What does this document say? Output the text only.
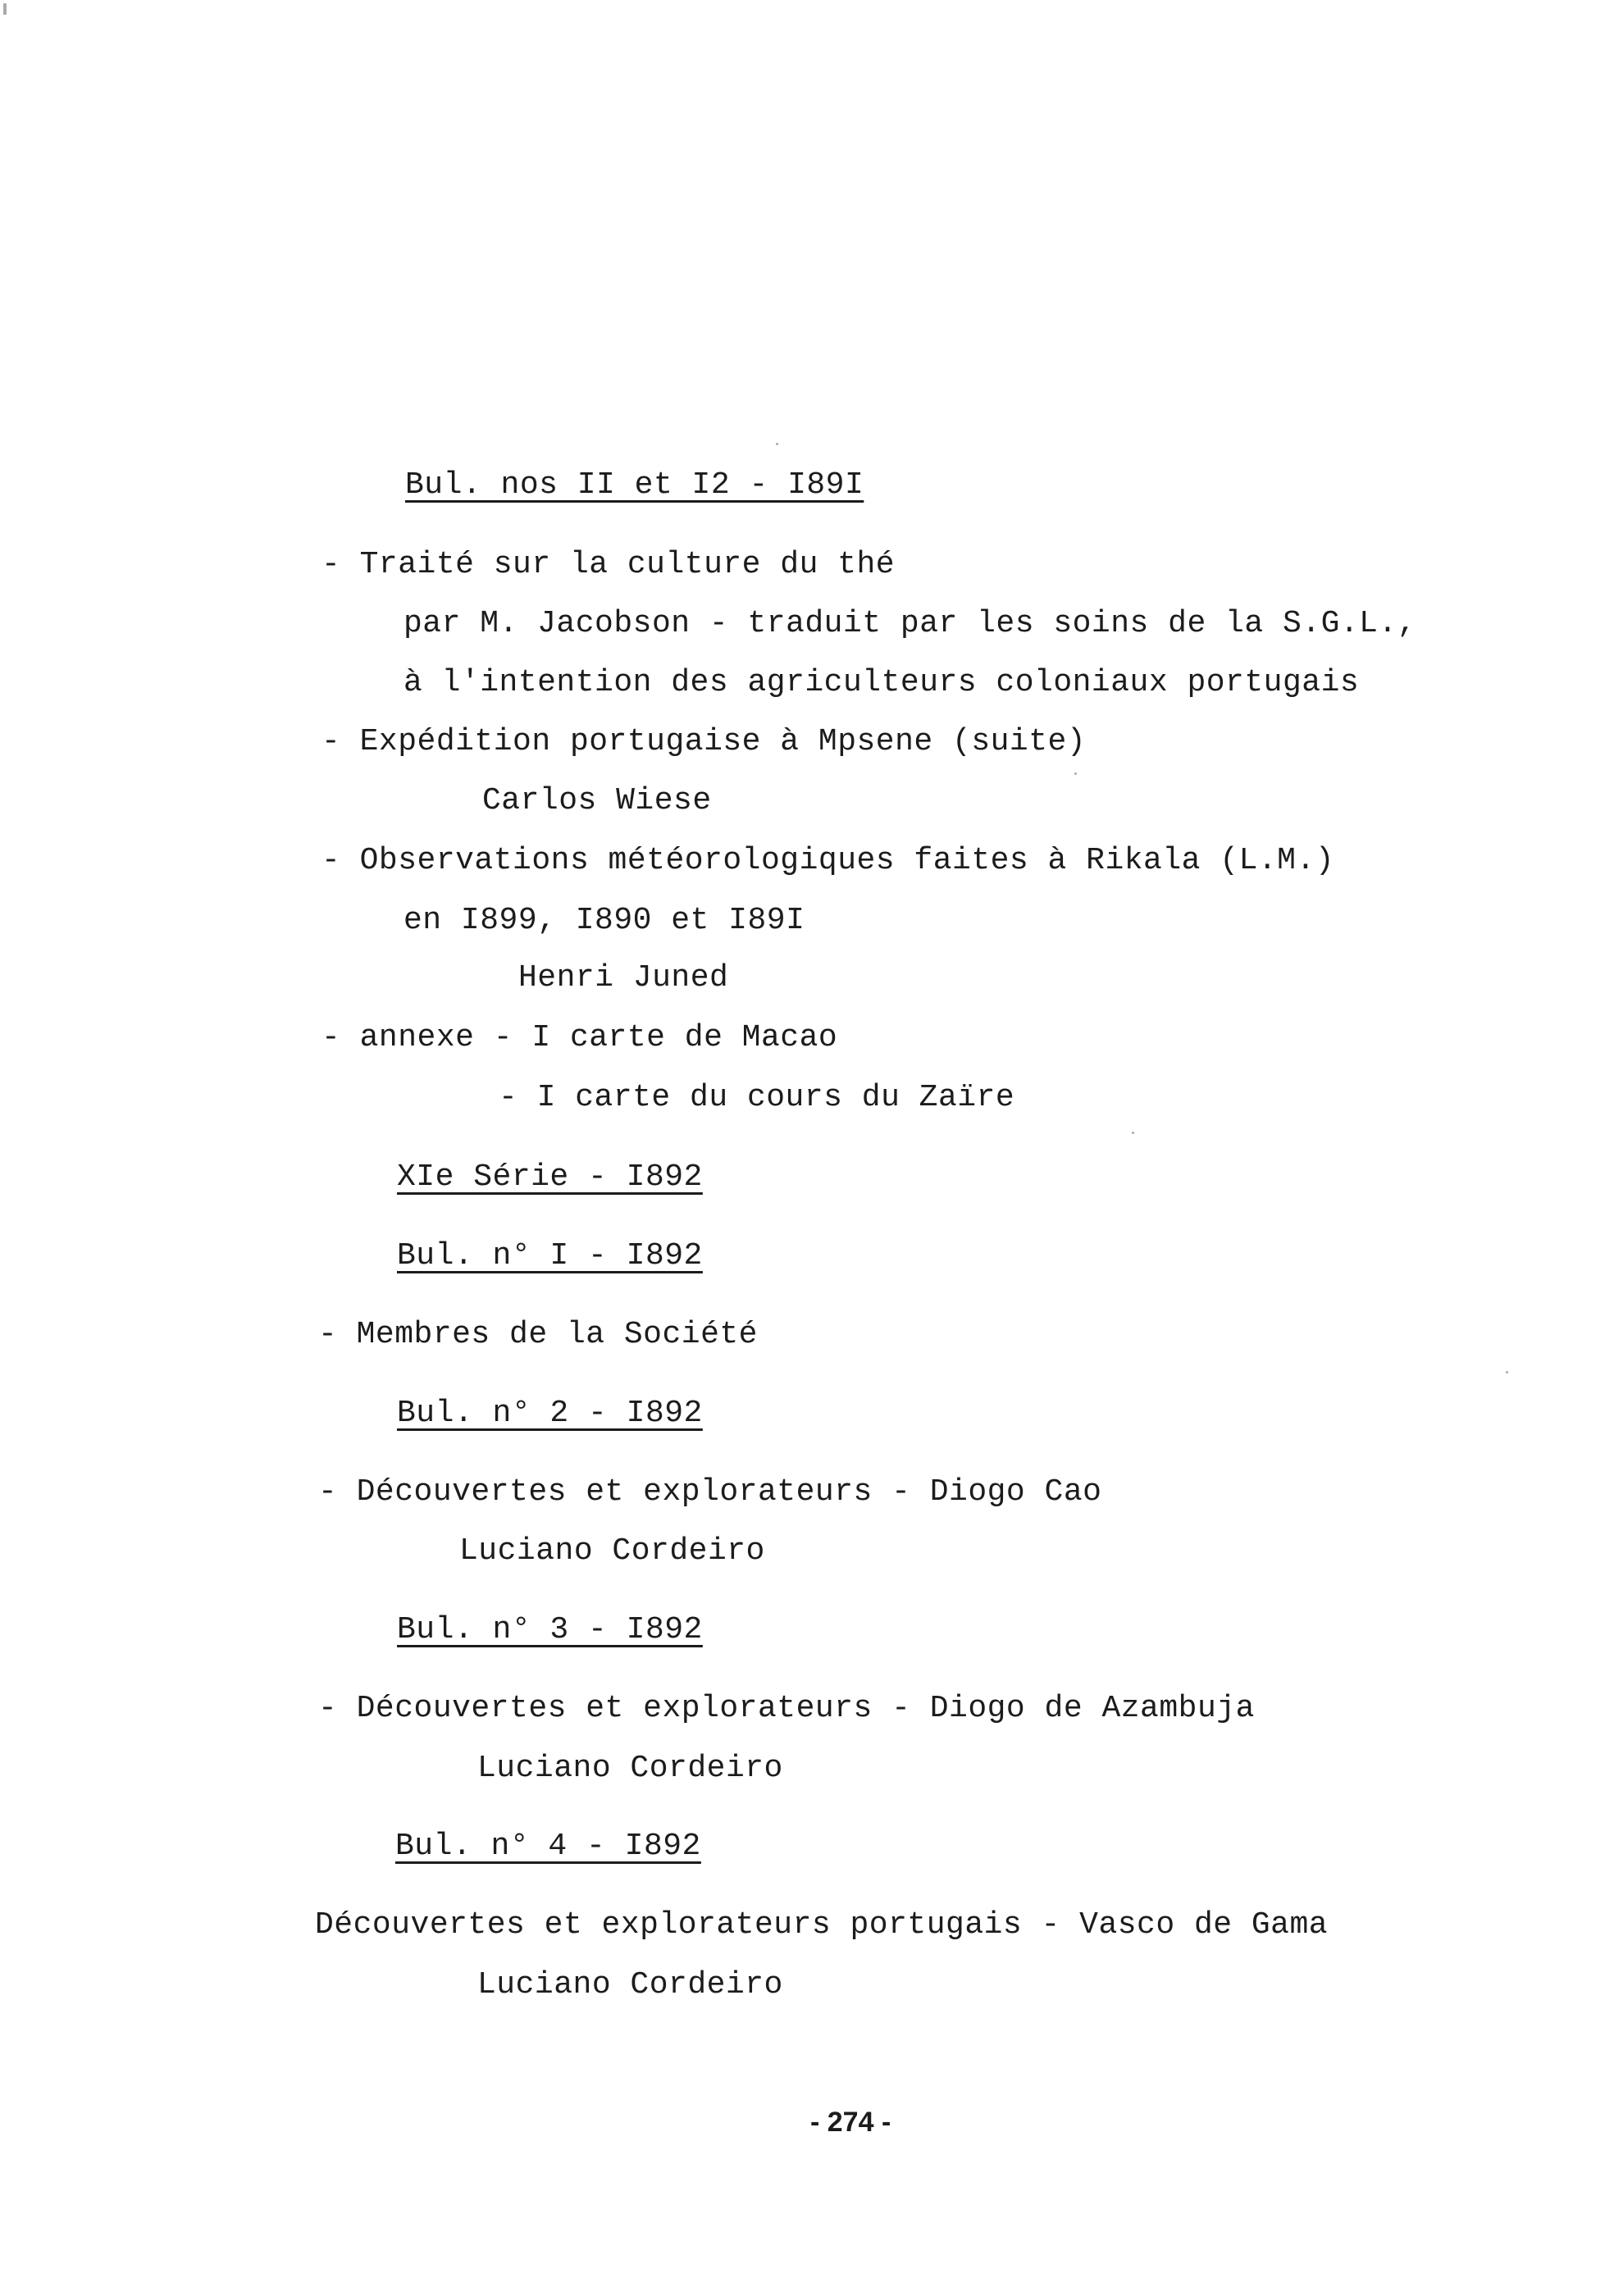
Bul. nos II et I2 - I89I
- Traité sur la culture du thé
par M. Jacobson - traduit par les soins de la S.G.L.,
à l'intention des agriculteurs coloniaux portugais
- Expédition portugaise à Mpsene (suite)
Carlos Wiese
- Observations météorologiques faites à Rikala (L.M.)
en I899, I890 et I89I
Henri Juned
- annexe - I carte de Macao
- I carte du cours du Zaïre
XIe Série - I892
Bul. n° I - I892
- Membres de la Société
Bul. n° 2 - I892
- Découvertes et explorateurs - Diogo Cao
Luciano Cordeiro
Bul. n° 3 - I892
- Découvertes et explorateurs - Diogo de Azambuja
Luciano Cordeiro
Bul. n° 4 - I892
Découvertes et explorateurs portugais - Vasco de Gama
Luciano Cordeiro
- 274 -
